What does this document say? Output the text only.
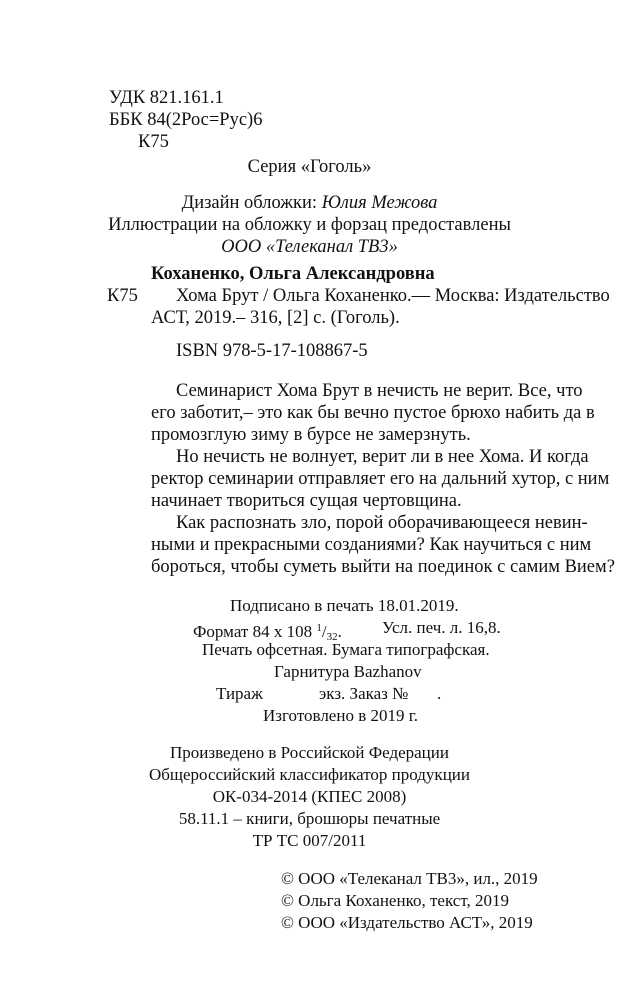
УДК 821.161.1
ББК 84(2Рос=Рус)6
К75
Серия «Гоголь»
Дизайн обложки: Юлия Межова
Иллюстрации на обложку и форзац предоставлены
ООО «Телеканал ТВ3»
Коханенко, Ольга Александровна
К75 Хома Брут / Ольга Коханенко.— Москва: Издательство
АСТ, 2019.– 316, [2] с. (Гоголь).
ISBN 978-5-17-108867-5
Семинарист Хома Брут в нечисть не верит. Все, что
его заботит,– это как бы вечно пустое брюхо набить да в
промозглую зиму в бурсе не замерзнуть.
Но нечисть не волнует, верит ли в нее Хома. И когда
ректор семинарии отправляет его на дальний хутор, с ним
начинает твориться сущая чертовщина.
Как распознать зло, порой оборачивающееся невин-
ными и прекрасными созданиями? Как научиться с ним
бороться, чтобы суметь выйти на поединок с самим Вием?
Подписано в печать 18.01.2019.
Формат 84 х 108 $^1/_{32}$. Усл. печ. л. 16,8.
Печать офсетная. Бумага типографская.
Гарнитура Bazhanov
Тираж	экз. Заказ № .
Изготовлено в 2019 г.
Произведено в Российской Федерации
Общероссийский классификатор продукции
ОК-034-2014 (КПЕС 2008)
58.11.1 – книги, брошюры печатные
ТР ТС 007/2011
© ООО «Телеканал ТВ3», ил., 2019
© Ольга Коханенко, текст, 2019
© ООО «Издательство АСТ», 2019
